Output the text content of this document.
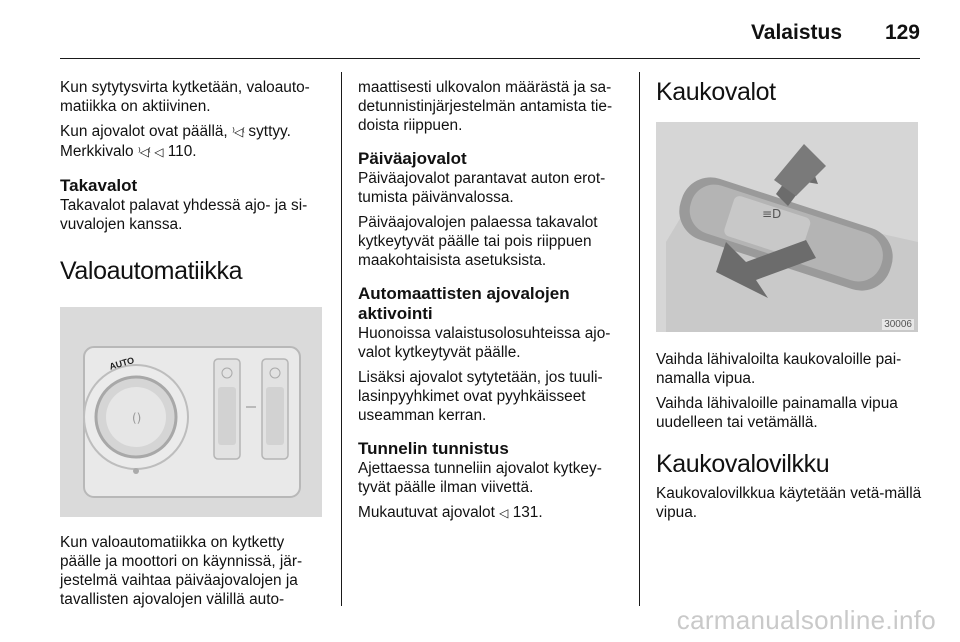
Valaistus 129

Kun sytytysvirta kytketään, valoauto-matiikka on aktiivinen.

Kun ajovalot ovat päällä, ⁾◁⁽ syttyy.
Merkkivalo ⁾◁⁽ ◁ 110.

Takavalot

Takavalot palavat yhdessä ajo- ja si-vuvalojen kanssa.

Valoautomatiikka
()
AUTO

Kun valoautomatiikka on kytketty päälle ja moottori on käynnissä, jär-jestelmä vaihtaa päiväajovalojen ja tavallisten ajovalojen välillä auto-

maattisesti ulkovalon määrästä ja sa-detunnistinjärjestelmän antamista tie-doista riippuen.

Päiväajovalot

Päiväajovalot parantavat auton erot-tumista päivänvalossa.

Päiväajovalojen palaessa takavalot kytkeytyvät päälle tai pois riippuen maakohtaisista asetuksista.

Automaattisten ajovalojen aktivointi

Huonoissa valaistusolosuhteissa ajo-valot kytkeytyvät päälle.

Lisäksi ajovalot sytytetään, jos tuuli-lasinpyyhkimet ovat pyyhkäisseet useamman kerran.

Tunnelin tunnistus

Ajettaessa tunneliin ajovalot kytkey-tyvät päälle ilman viivettä.

Mukautuvat ajovalot ◁ 131.

Kaukovalot
≡D
30006

Vaihda lähivaloilta kaukovaloille pai-namalla vipua.

Vaihda lähivaloille painamalla vipua uudelleen tai vetämällä.

Kaukovalovilkku

Kaukovalovilkkua käytetään vetä-mällä vipua.

carmanualsonline.info
